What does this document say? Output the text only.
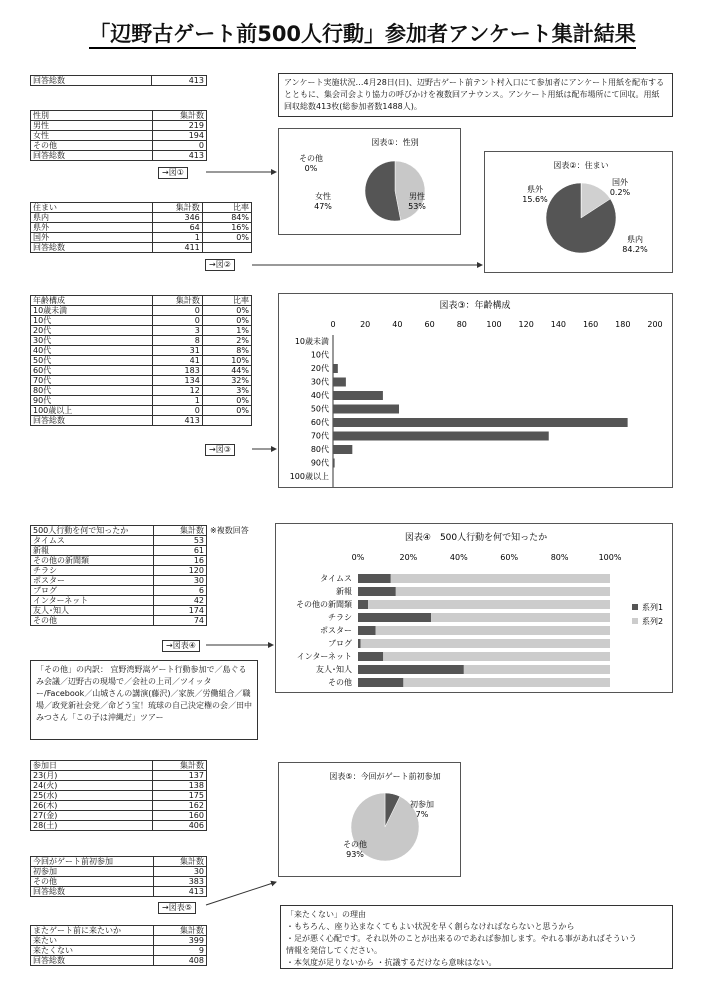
「辺野古ゲート前500人行動」参加者アンケート集計結果
回答総数	413	アンケート実施状況…4月28日(日)、辺野古ゲート前テント村入口にて参加者にアンケート用紙を配布するとともに、集会司会より協力の呼びかけを複数回アナウンス。アンケート用紙は配布場所にて回収。用紙回収総数413枚(総参加者数1488人)。
性別	集計数
男性	219
女性	194
その他	0
回答総数	413
→図①
住まい	集計数	比率
県内	346	84%
県外	64	16%
国外	1	0%
回答総数	411	
→図②
年齢構成	集計数	比率
10歳未満	0	0%
10代	0	0%
20代	3	1%
30代	8	2%
40代	31	8%
50代	41	10%
60代	183	44%
70代	134	32%
80代	12	3%
90代	1	0%
100歳以上	0	0%
回答総数	413	
→図③
500人行動を何で知ったか	集計数
タイムス	53
新報	61
その他の新聞類	16
チラシ	120
ポスター	30
ブログ	6
インターネット	42
友人･知人	174
その他	74
※複数回答
→図表④
「その他」の内訳： 宜野湾野嵩ゲート行動参加で／島ぐるみ会議／辺野古の現場で／会社の上司／ツイッター/Facebook／山城さんの講演(藤沢)／家族／労働組合／職場／政党新社会党／命どう宝！琉球の自己決定権の会／田中みつさん「この子は沖縄だ」ツアー
参加日	集計数
23(月)	137
24(火)	138
25(水)	175
26(木)	162
27(金)	160
28(土)	406
今回がゲート前初参加	集計数
初参加	30
その他	383
回答総数	413
→図表⑤
またゲート前に来たいか	集計数
来たい	399
来たくない	9
回答総数	408
「来たくない」の理由
・もちろん、座り込まなくてもよい状況を早く創らなければならないと思うから
・足が悪く心配です。それ以外のことが出来るのであれば参加します。やれる事があればそういう
情報を発信してください。
・本気度が足りないから ・抗議するだけなら意味はない。
図表①：性別
その他
0%
女性
47%
男性
53%
図表②：住まい
国外
0.2%
県外
15.6%
県内
84.2%
図表③：年齢構成
0	20	40	60	80 100 120 140 160 180 200
10歳未満
10代
20代
30代
40代
50代
60代
70代
80代
90代
100歳以上
図表④　500人行動を何で知ったか
0%	20%	40%	60%	80%	100%
タイムス
新報
その他の新聞類
チラシ
ポスター
ブログ
インターネット
友人･知人
その他
系列1
系列2
図表⑤：今回がゲート前初参加
初参加
7%
その他
93%
